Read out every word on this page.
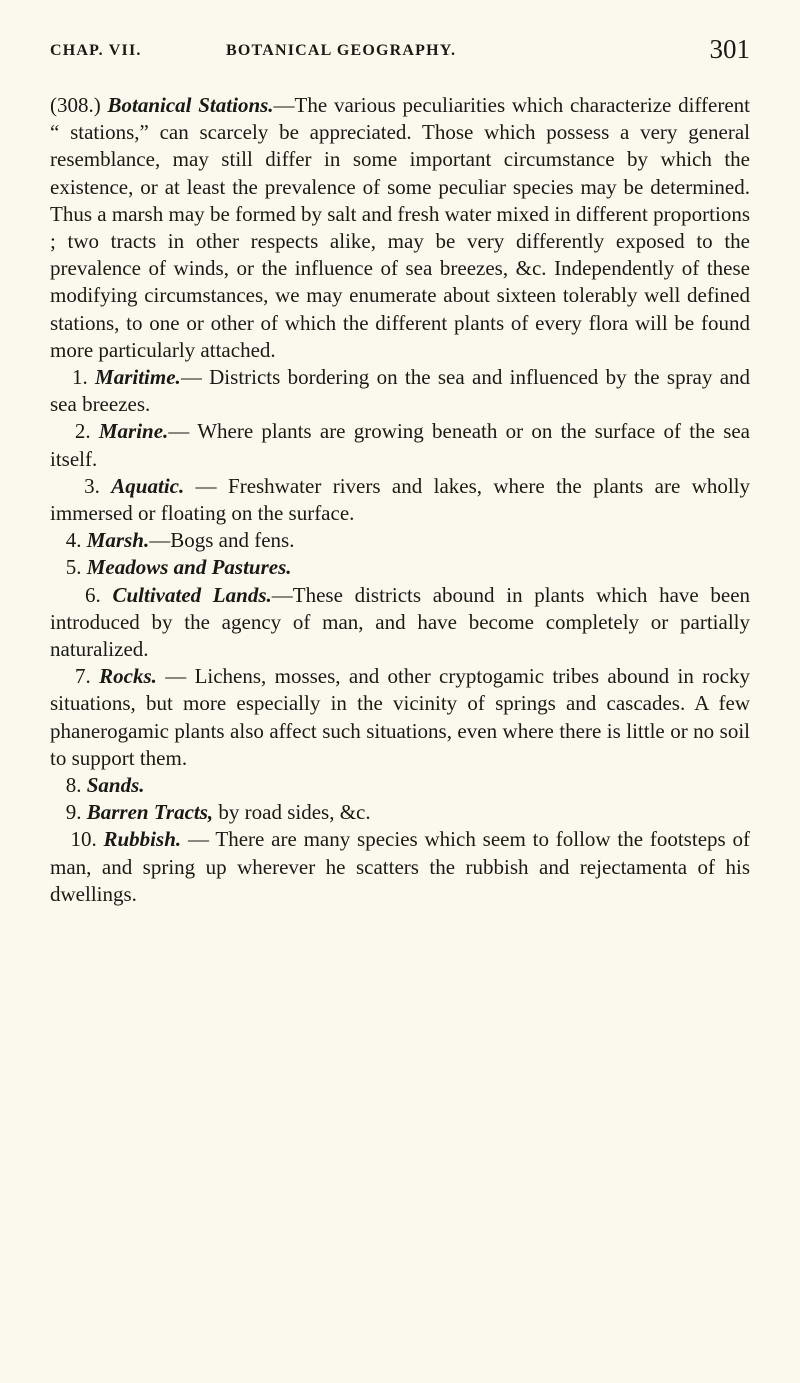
CHAP. VII.	BOTANICAL GEOGRAPHY.	301

(308.) Botanical Stations.—The various peculiarities which characterize different “ stations,” can scarcely be appreciated. Those which possess a very general resemblance, may still differ in some important circumstance by which the existence, or at least the prevalence of some peculiar species may be determined. Thus a marsh may be formed by salt and fresh water mixed in different proportions ; two tracts in other respects alike, may be very differently exposed to the prevalence of winds, or the influence of sea breezes, &c. Independently of these modifying circumstances, we may enumerate about sixteen tolerably well defined stations, to one or other of which the different plants of every flora will be found more particularly attached.

1. Maritime.— Districts bordering on the sea and influenced by the spray and sea breezes.

2. Marine.— Where plants are growing beneath or on the surface of the sea itself.

3. Aquatic. — Freshwater rivers and lakes, where the plants are wholly immersed or floating on the surface.

4. Marsh.—Bogs and fens.

5. Meadows and Pastures.

6. Cultivated Lands.—These districts abound in plants which have been introduced by the agency of man, and have become completely or partially naturalized.

7. Rocks. — Lichens, mosses, and other cryptogamic tribes abound in rocky situations, but more especially in the vicinity of springs and cascades. A few phanerogamic plants also affect such situations, even where there is little or no soil to support them.

8. Sands.

9. Barren Tracts, by road sides, &c.

10. Rubbish. — There are many species which seem to follow the footsteps of man, and spring up wherever he scatters the rubbish and rejectamenta of his dwellings.
